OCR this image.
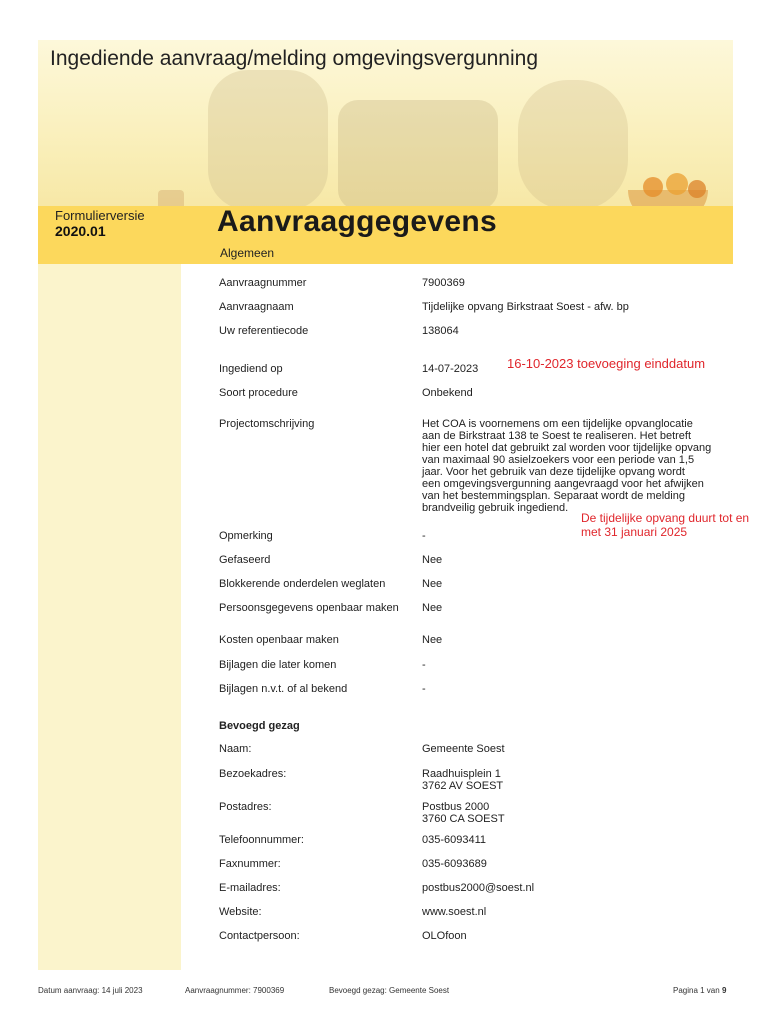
Ingediende aanvraag/melding omgevingsvergunning
Formulierversie
2020.01	Aanvraaggegevens
Algemeen
Aanvraagnummer	7900369
Aanvraagnaam	Tijdelijke opvang Birkstraat Soest - afw. bp
Uw referentiecode	138064
Ingediend op	14-07-2023
Soort procedure	Onbekend
Projectomschrijving	Het COA is voornemens om een tijdelijke opvanglocatie
aan de Birkstraat 138 te Soest te realiseren. Het betreft
hier een hotel dat gebruikt zal worden voor tijdelijke opvang
van maximaal 90 asielzoekers voor een periode van 1,5
jaar. Voor het gebruik van deze tijdelijke opvang wordt
een omgevingsvergunning aangevraagd voor het afwijken
van het bestemmingsplan. Separaat wordt de melding
brandveilig gebruik ingediend.
Opmerking	-
Gefaseerd	Nee
Blokkerende onderdelen weglaten	Nee
Persoonsgegevens openbaar maken	Nee
Kosten openbaar maken	Nee
Bijlagen die later komen	-
Bijlagen n.v.t. of al bekend	-
Bevoegd gezag
Naam:	Gemeente Soest
Bezoekadres:	Raadhuisplein 1
3762 AV SOEST
Postadres:	Postbus 2000
3760 CA SOEST
Telefoonnummer:	035-6093411
Faxnummer:	035-6093689
E-mailadres:	postbus2000@soest.nl
Website:	www.soest.nl
Contactpersoon:	OLOfoon
16-10-2023 toevoeging einddatum
De tijdelijke opvang duurt tot en
met 31 januari 2025
Datum aanvraag: 14 juli 2023	Aanvraagnummer: 7900369	Bevoegd gezag: Gemeente Soest	Pagina 1 van 9
